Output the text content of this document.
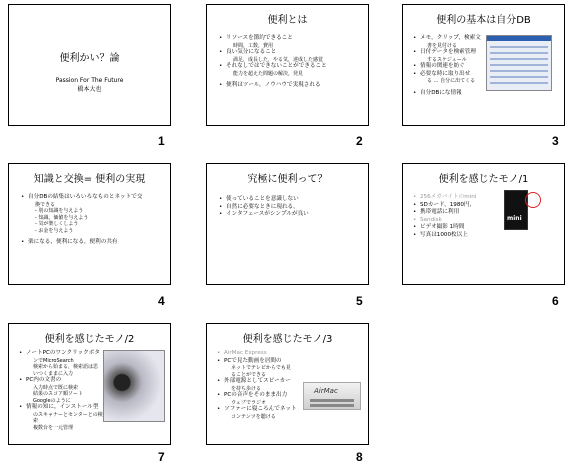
便利かい？論
Passion For The Future
橋本大也
1
便利とは
• リソースを節約できること
時間，工数，費用
• 良い気分になること
満足，成長した，やる気，達成した感覚
• それなしではできないことができること
能力を超えた問題の解決，発見
• 便利はツール，ノウハウで実現される
2
便利の基本は自分DB
• メモ，クリップ，検索文
書を見付ける
• 日付データを検索管理
するスケジュール
• 情報の関連を紡ぐ
• 必要な時に取り出せ
る … 自分に出てくる
• 自分DBにな情報
3
知識と交換= 便利の実現
• 自分DBの結集はいろいろなものとネットで交
換できる
- 別の知識を与えよう
- 知識，価値を与えよう
- 気が楽しくしよう
- お金を与えよう
• 楽になる，便利になる，便利の共有
4
究極に便利って？
• 使っていることを意識しない
• 自然に必要なときに現れる，
• インタフェースがシンプルが良い
5
便利を感じたモノ/1
• 256メガバイトのmini
• SDカード，1980円，
• 携帯電話に利用
• Sandisk
• ビデオ撮影 1時間
• 写真は1000枚以上
mini
6
便利を感じたモノ/2
• ノートPCのワンクリックボタ
ンでMicroSearch
検索から始まる，検索語は思
いつくままに入力
• PC内の文書の
入力時点で既に検索
結果のスコア順ソート
Googleのように
• 情報の知に，インストール型
のスキャナーとセンターとの検
索
複数台を一元管理
7
便利を感じたモノ/3
• AirMac Express
• PCで見た動画を居間の
ネットでテレビからでも見
ることができる
• 外部電源としてスピーカー
を持ち歩ける
• PCの音声をそのまま出力
ウェブでラジオ
• ソファーに寝ころんでネット
コンテンツを聴ける
AirMac
8
